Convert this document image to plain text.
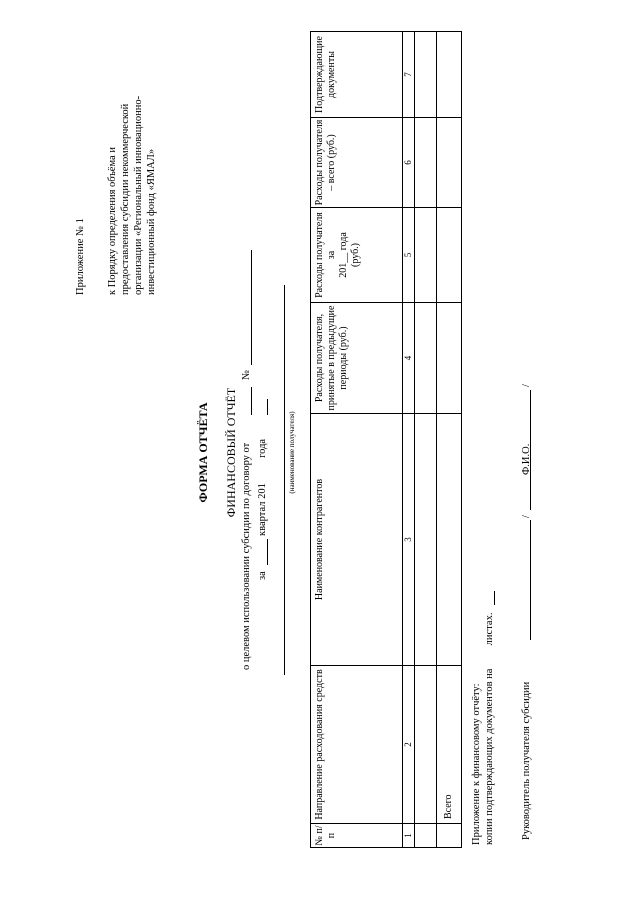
Приложение № 1 к Порядку определения объёма и предоставления субсидии некоммерческой организации «Региональный инновационно- инвестиционный фонд «ЯМАЛ»
ФОРМА ОТЧЁТА ФИНАНСОВЫЙ ОТЧЁТ о целевом использовании субсидии по договору от
№
за  квартал 201  года	(наименование получателя)
№ п/п
Направление расходования средств
Наименование контрагентов
Расходы получателя, принятые в предыдущие периоды (руб.)
Расходы получателя за 201__ года (руб.)
Расходы получателя – всего (руб.)
Подтверждающие документы
1
2
3
4
5
6
7
Всего	Приложение к финансовому отчёту: копии подтверждающих документов на  листах.
Руководитель получателя субсидии
/
Ф.И.О.
/
